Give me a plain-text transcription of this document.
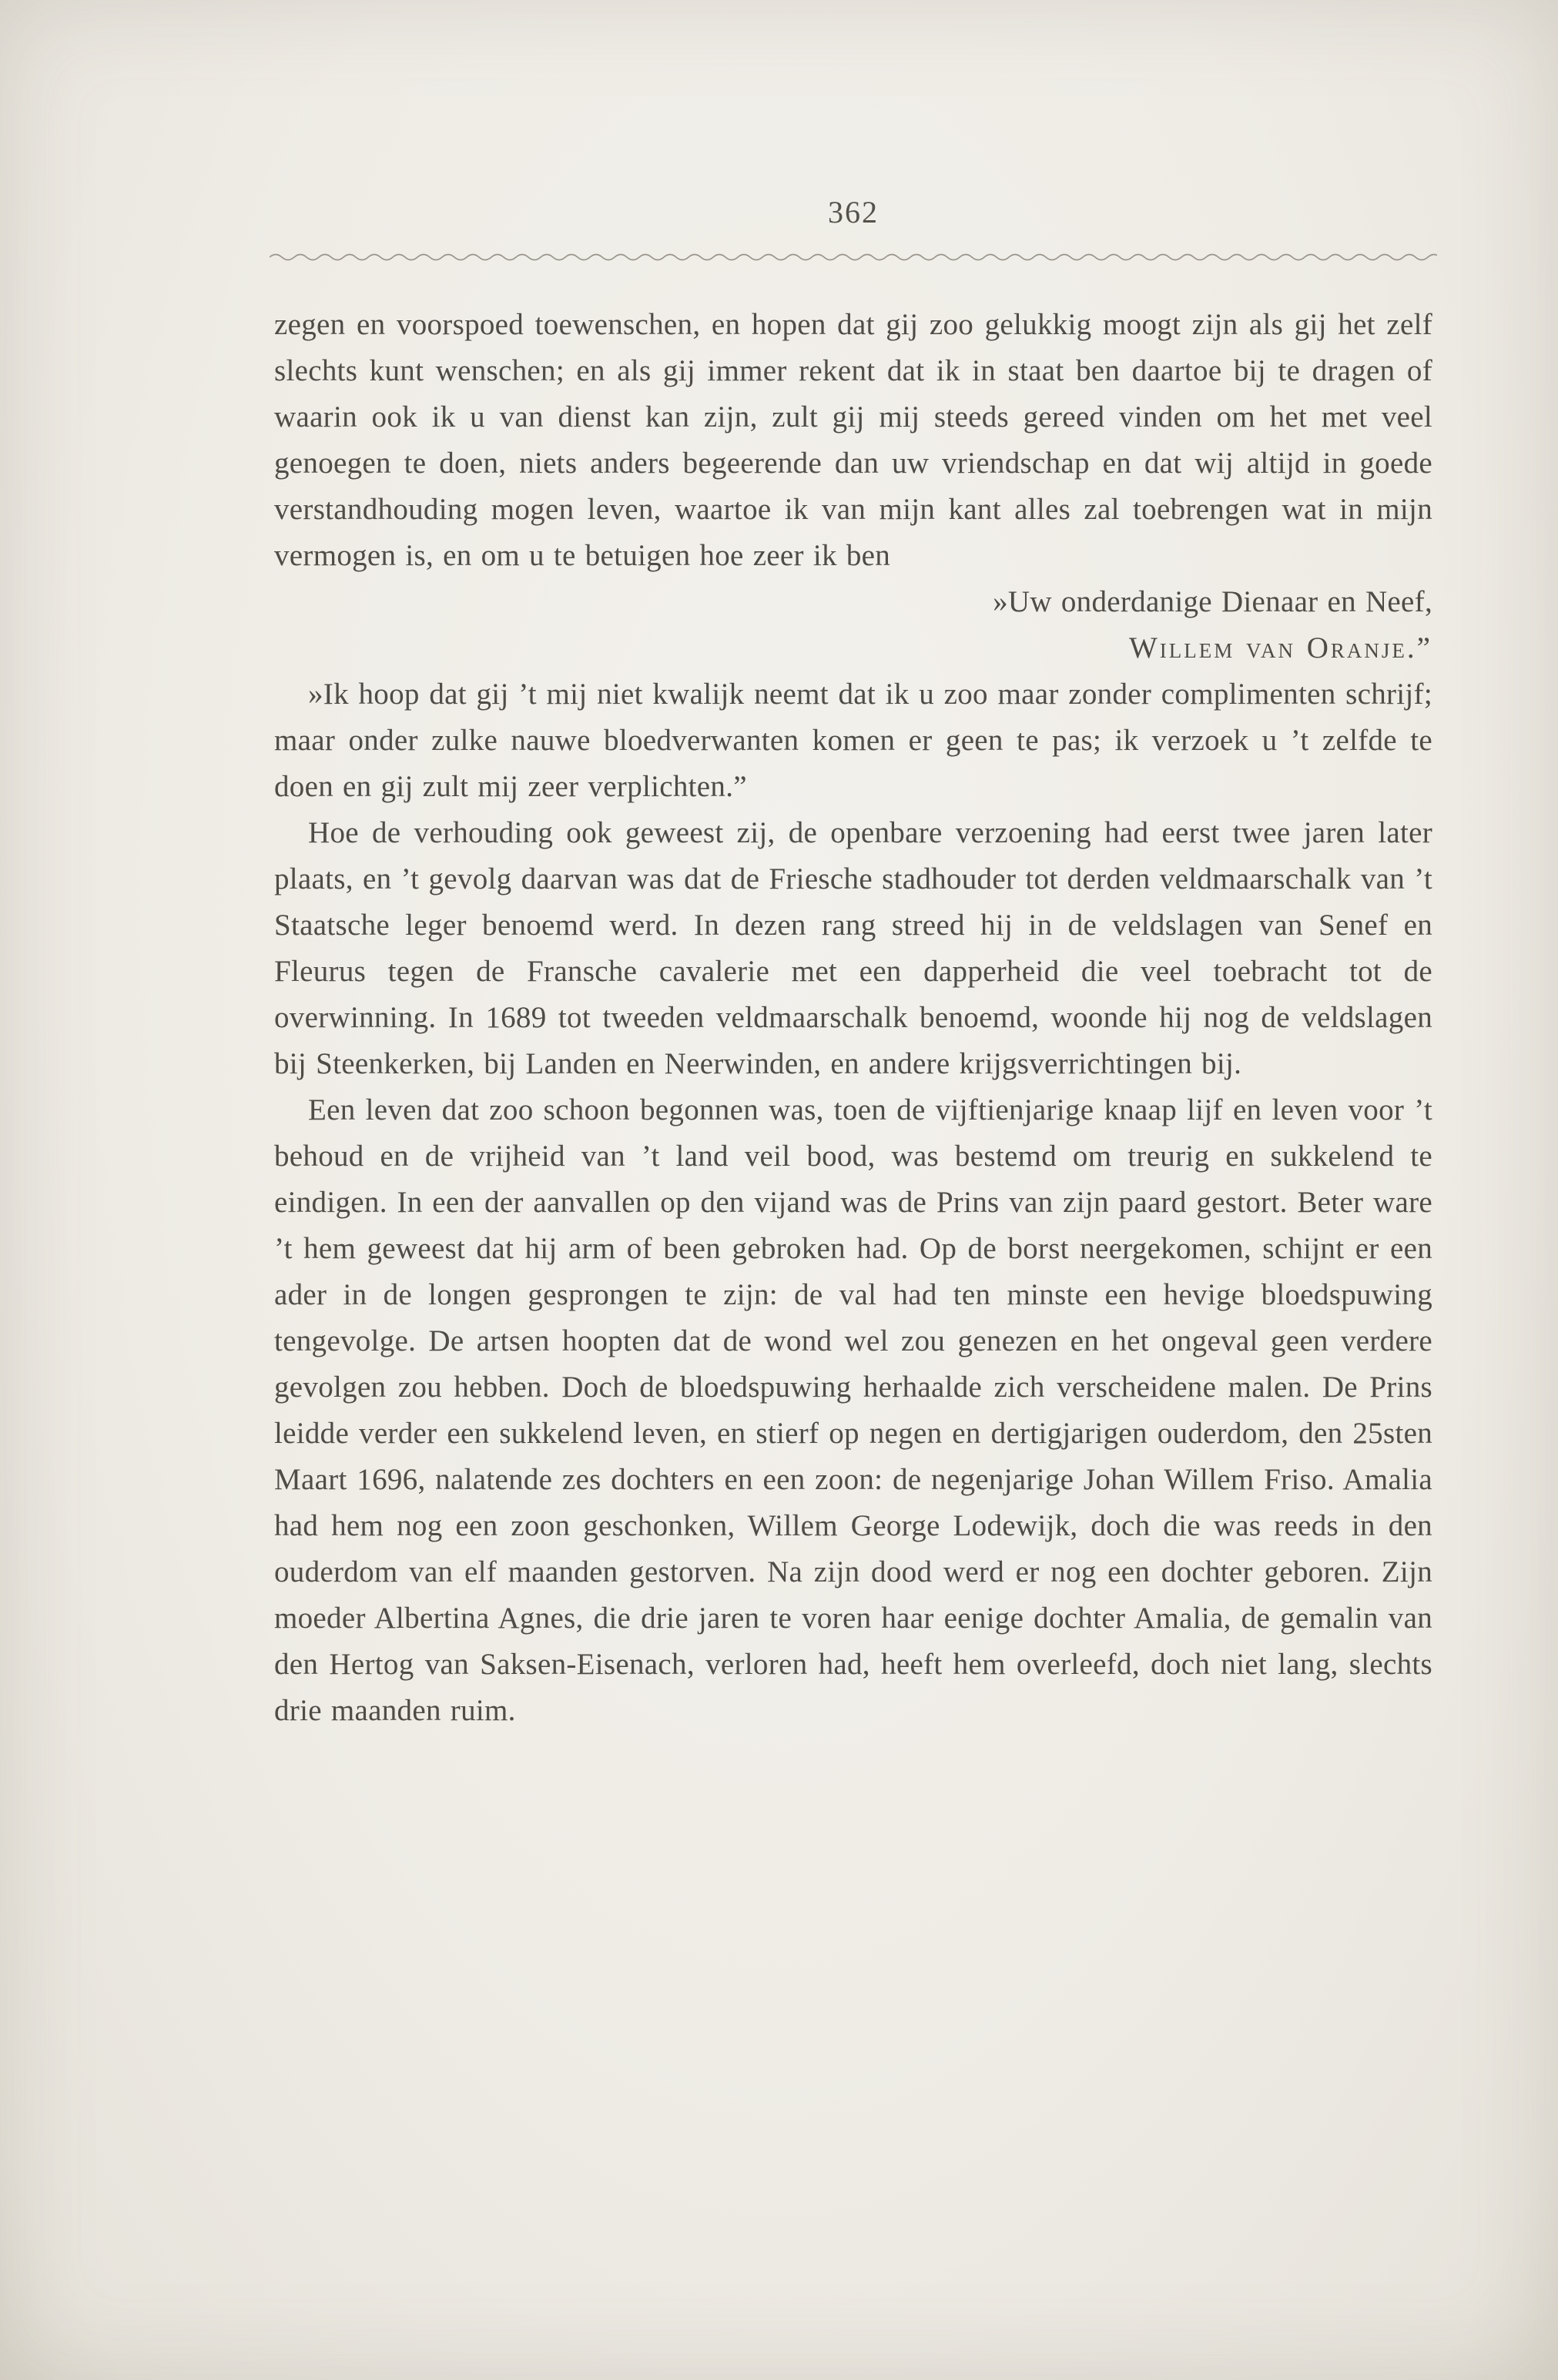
362

zegen en voorspoed toewenschen, en hopen dat gij zoo gelukkig moogt zijn als gij het zelf slechts kunt wenschen; en als gij immer rekent dat ik in staat ben daartoe bij te dragen of waarin ook ik u van dienst kan zijn, zult gij mij steeds gereed vinden om het met veel genoegen te doen, niets anders begeerende dan uw vriendschap en dat wij altijd in goede verstandhouding mogen leven, waartoe ik van mijn kant alles zal toebrengen wat in mijn vermogen is, en om u te betuigen hoe zeer ik ben

»Uw onderdanige Dienaar en Neef,

Willem van Oranje.”

»Ik hoop dat gij ’t mij niet kwalijk neemt dat ik u zoo maar zonder complimenten schrijf; maar onder zulke nauwe bloedverwanten komen er geen te pas; ik verzoek u ’t zelfde te doen en gij zult mij zeer verplichten.”

Hoe de verhouding ook geweest zij, de openbare verzoening had eerst twee jaren later plaats, en ’t gevolg daarvan was dat de Friesche stadhouder tot derden veldmaarschalk van ’t Staatsche leger benoemd werd. In dezen rang streed hij in de veldslagen van Senef en Fleurus tegen de Fransche cavalerie met een dapperheid die veel toebracht tot de overwinning. In 1689 tot tweeden veldmaarschalk benoemd, woonde hij nog de veldslagen bij Steenkerken, bij Landen en Neerwinden, en andere krijgsverrichtingen bij.

Een leven dat zoo schoon begonnen was, toen de vijftienjarige knaap lijf en leven voor ’t behoud en de vrijheid van ’t land veil bood, was bestemd om treurig en sukkelend te eindigen. In een der aanvallen op den vijand was de Prins van zijn paard gestort. Beter ware ’t hem geweest dat hij arm of been gebroken had. Op de borst neergekomen, schijnt er een ader in de longen gesprongen te zijn: de val had ten minste een hevige bloedspuwing tengevolge. De artsen hoopten dat de wond wel zou genezen en het ongeval geen verdere gevolgen zou hebben. Doch de bloedspuwing herhaalde zich verscheidene malen. De Prins leidde verder een sukkelend leven, en stierf op negen en dertigjarigen ouderdom, den 25sten Maart 1696, nalatende zes dochters en een zoon: de negenjarige Johan Willem Friso. Amalia had hem nog een zoon geschonken, Willem George Lodewijk, doch die was reeds in den ouderdom van elf maanden gestorven. Na zijn dood werd er nog een dochter geboren. Zijn moeder Albertina Agnes, die drie jaren te voren haar eenige dochter Amalia, de gemalin van den Hertog van Saksen-Eisenach, verloren had, heeft hem overleefd, doch niet lang, slechts drie maanden ruim.
